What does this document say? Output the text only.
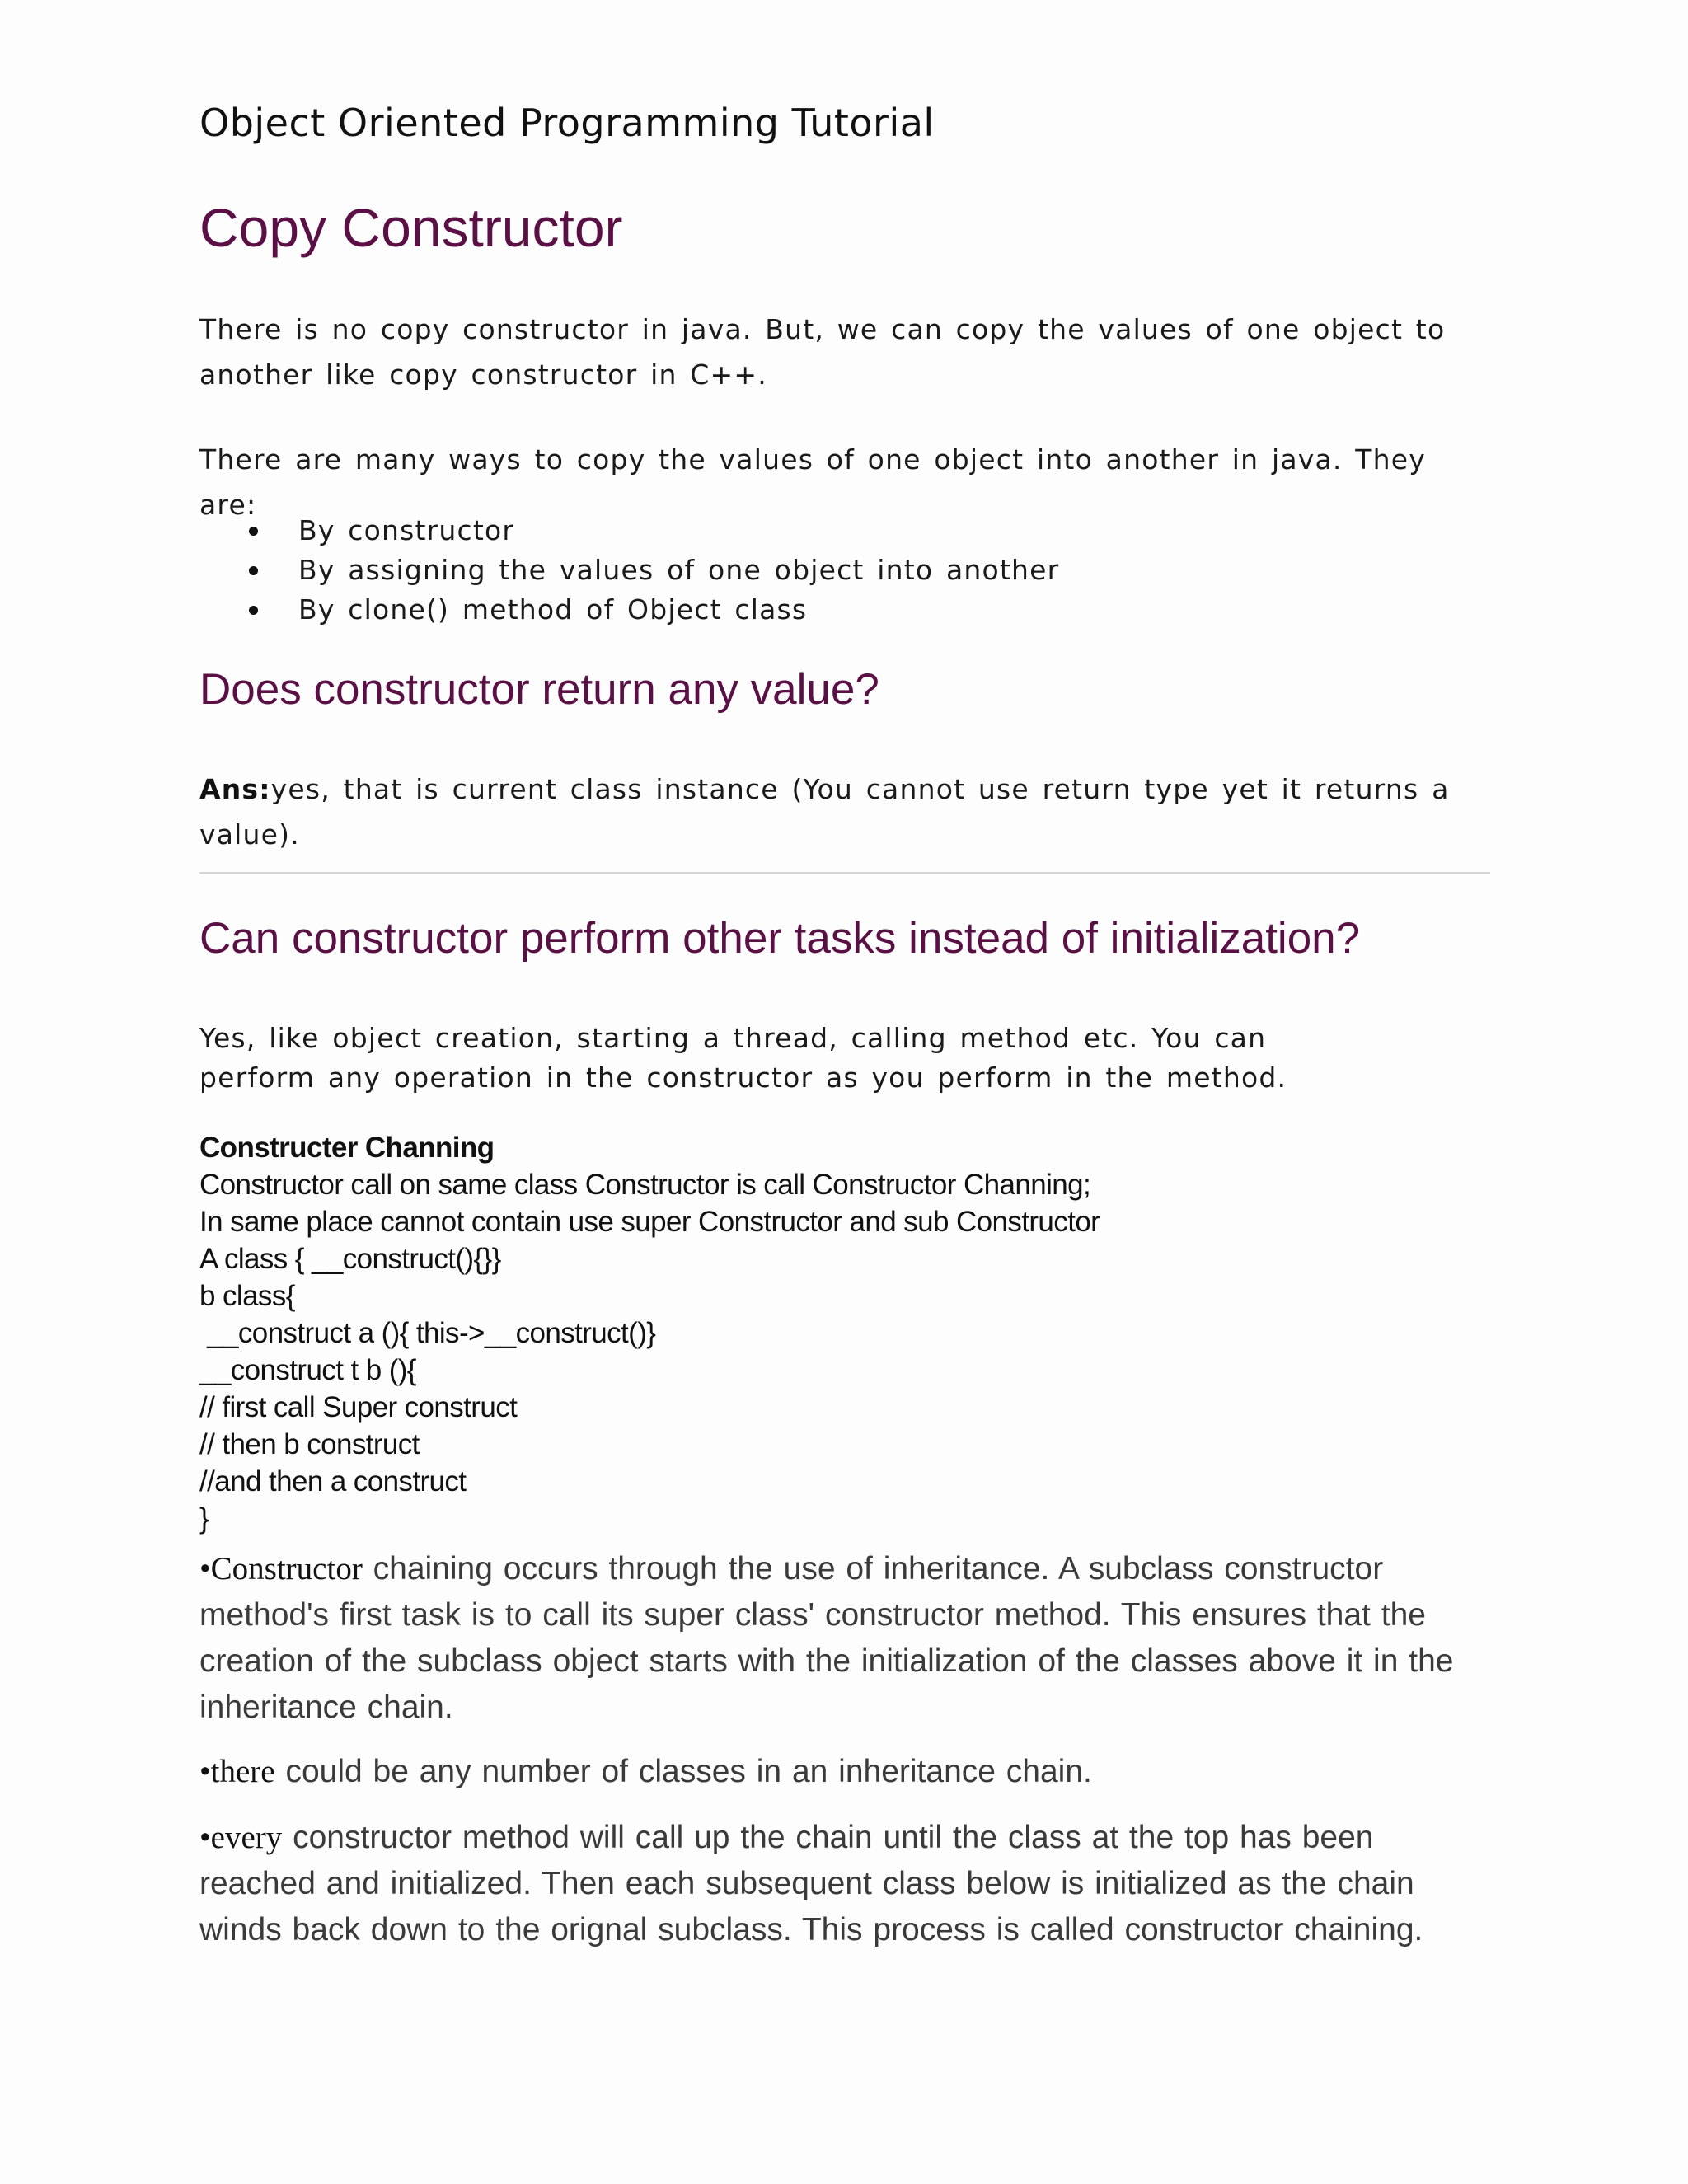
Object Oriented Programming Tutorial
Copy Constructor
There is no copy constructor in java. But, we can copy the values of one object to another like copy constructor in C++.
There are many ways to copy the values of one object into another in java. They are:
By constructor
By assigning the values of one object into another
By clone() method of Object class
Does constructor return any value?
Ans:yes, that is current class instance (You cannot use return type yet it returns a value).
Can constructor perform other tasks instead of initialization?
Yes, like object creation, starting a thread, calling method etc. You can perform any operation in the constructor as you perform in the method.
Constructer Channing
Constructor call on same class Constructor is call Constructor Channing;
In same place cannot contain use super Constructor and sub Constructor
A class { __construct(){}}
b class{
__construct a (){ this->__construct()}
__construct t b (){
// first call Super construct
// then b construct
//and then a construct
}
•Constructor chaining occurs through the use of inheritance. A subclass constructor method's first task is to call its super class' constructor method. This ensures that the creation of the subclass object starts with the initialization of the classes above it in the inheritance chain.
•there could be any number of classes in an inheritance chain.
•every constructor method will call up the chain until the class at the top has been reached and initialized. Then each subsequent class below is initialized as the chain winds back down to the orignal subclass. This process is called constructor chaining.
